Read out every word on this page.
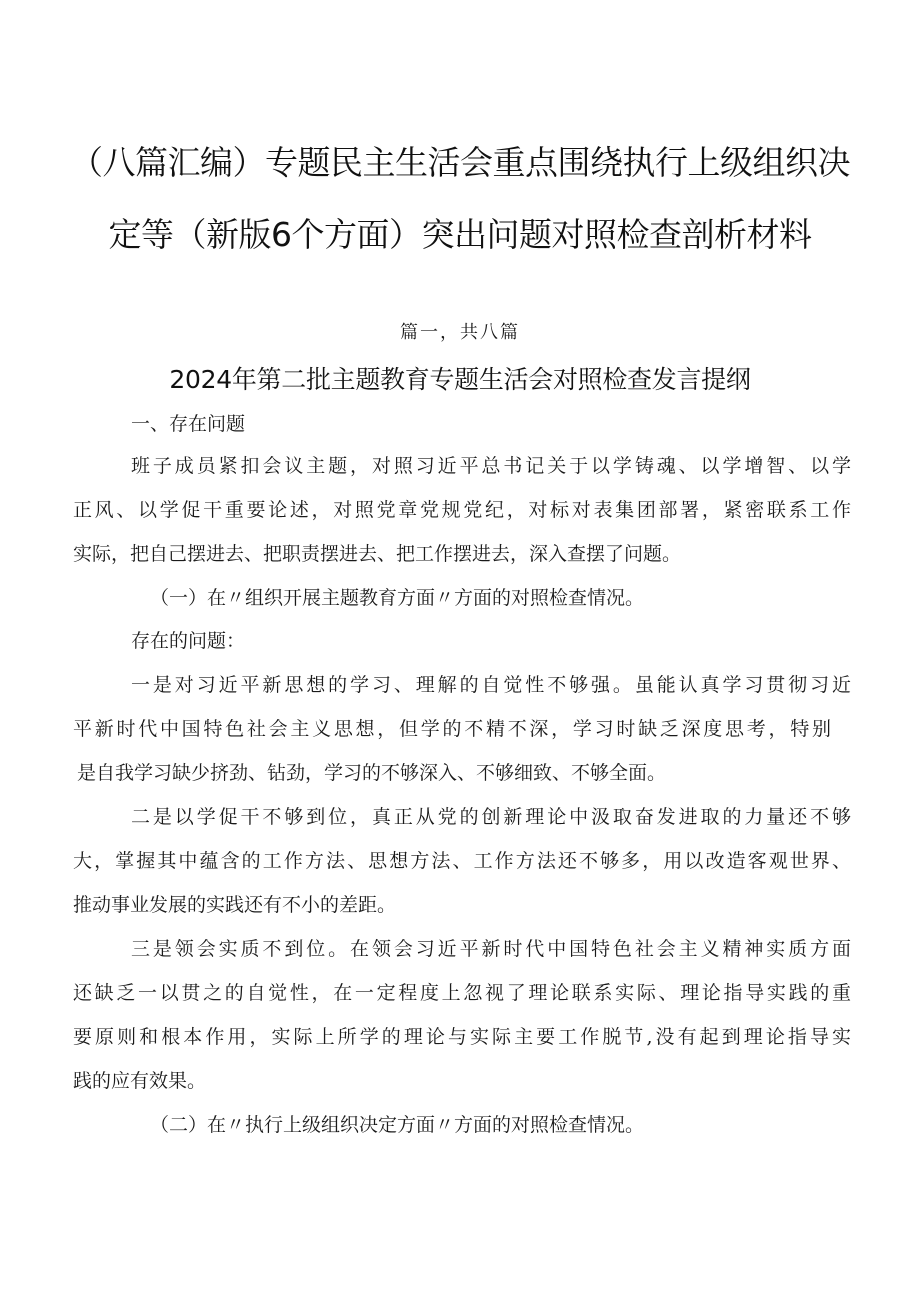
（八篇汇编）专题民主生活会重点围绕执行上级组织决
定等（新版6个方面）突出问题对照检查剖析材料
篇一，共八篇
2024年第二批主题教育专题生活会对照检查发言提纲
一、存在问题
班子成员紧扣会议主题，对照习近平总书记关于以学铸魂、以学增智、以学
正风、以学促干重要论述，对照党章党规党纪，对标对表集团部署，紧密联系工作
实际，把自己摆进去、把职责摆进去、把工作摆进去，深入查摆了问题。
（一）在〃组织开展主题教育方面〃方面的对照检查情况。
存在的问题：
一是对习近平新思想的学习、理解的自觉性不够强。虽能认真学习贯彻习近
平新时代中国特色社会主义思想，但学的不精不深，学习时缺乏深度思考，特别
是自我学习缺少挤劲、钻劲，学习的不够深入、不够细致、不够全面。
二是以学促干不够到位，真正从党的创新理论中汲取奋发进取的力量还不够
大，掌握其中蕴含的工作方法、思想方法、工作方法还不够多，用以改造客观世界、
推动事业发展的实践还有不小的差距。
三是领会实质不到位。在领会习近平新时代中国特色社会主义精神实质方面
还缺乏一以贯之的自觉性，在一定程度上忽视了理论联系实际、理论指导实践的重
要原则和根本作用，实际上所学的理论与实际主要工作脱节,没有起到理论指导实
践的应有效果。
（二）在〃执行上级组织决定方面〃方面的对照检查情况。
